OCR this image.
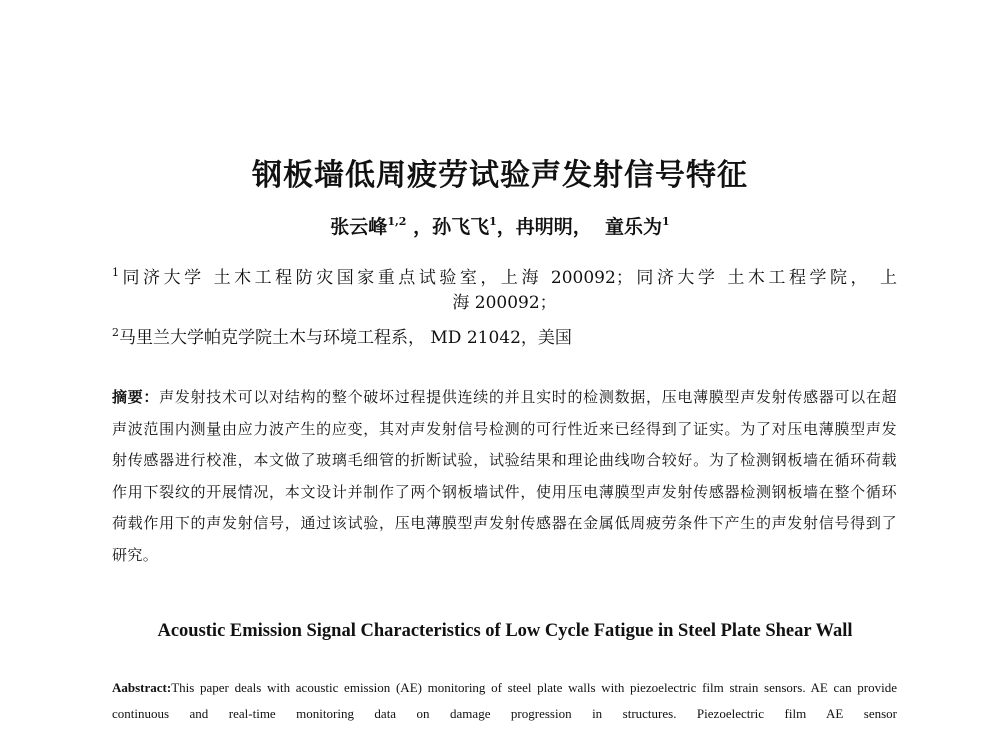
钢板墙低周疲劳试验声发射信号特征
张云峰$^{1,2}$ ，孙飞飞$^1$，冉明明， 童乐为$^1$
$^1$同济大学 土木工程防灾国家重点试验室，上海 200092；同济大学 土木工程学院， 上
海 200092；
$^2$马里兰大学帕克学院土木与环境工程系， MD 21042，美国
摘要：声发射技术可以对结构的整个破坏过程提供连续的并且实时的检测数据，压电薄膜型声发射传感器可以在超声波范围内测量由应力波产生的应变，其对声发射信号检测的可行性近来已经得到了证实。为了对压电薄膜型声发射传感器进行校准，本文做了玻璃毛细管的折断试验，试验结果和理论曲线吻合较好。为了检测钢板墙在循环荷载作用下裂纹的开展情况，本文设计并制作了两个钢板墙试件，使用压电薄膜型声发射传感器检测钢板墙在整个循环荷载作用下的声发射信号，通过该试验，压电薄膜型声发射传感器在金属低周疲劳条件下产生的声发射信号得到了研究。
Acoustic Emission Signal Characteristics of Low Cycle Fatigue in Steel Plate Shear Wall
Aabstract:This paper deals with acoustic emission (AE) monitoring of steel plate walls with piezoelectric film strain sensors. AE can provide continuous and real-time monitoring data on damage progression in structures. Piezoelectric film AE sensor
